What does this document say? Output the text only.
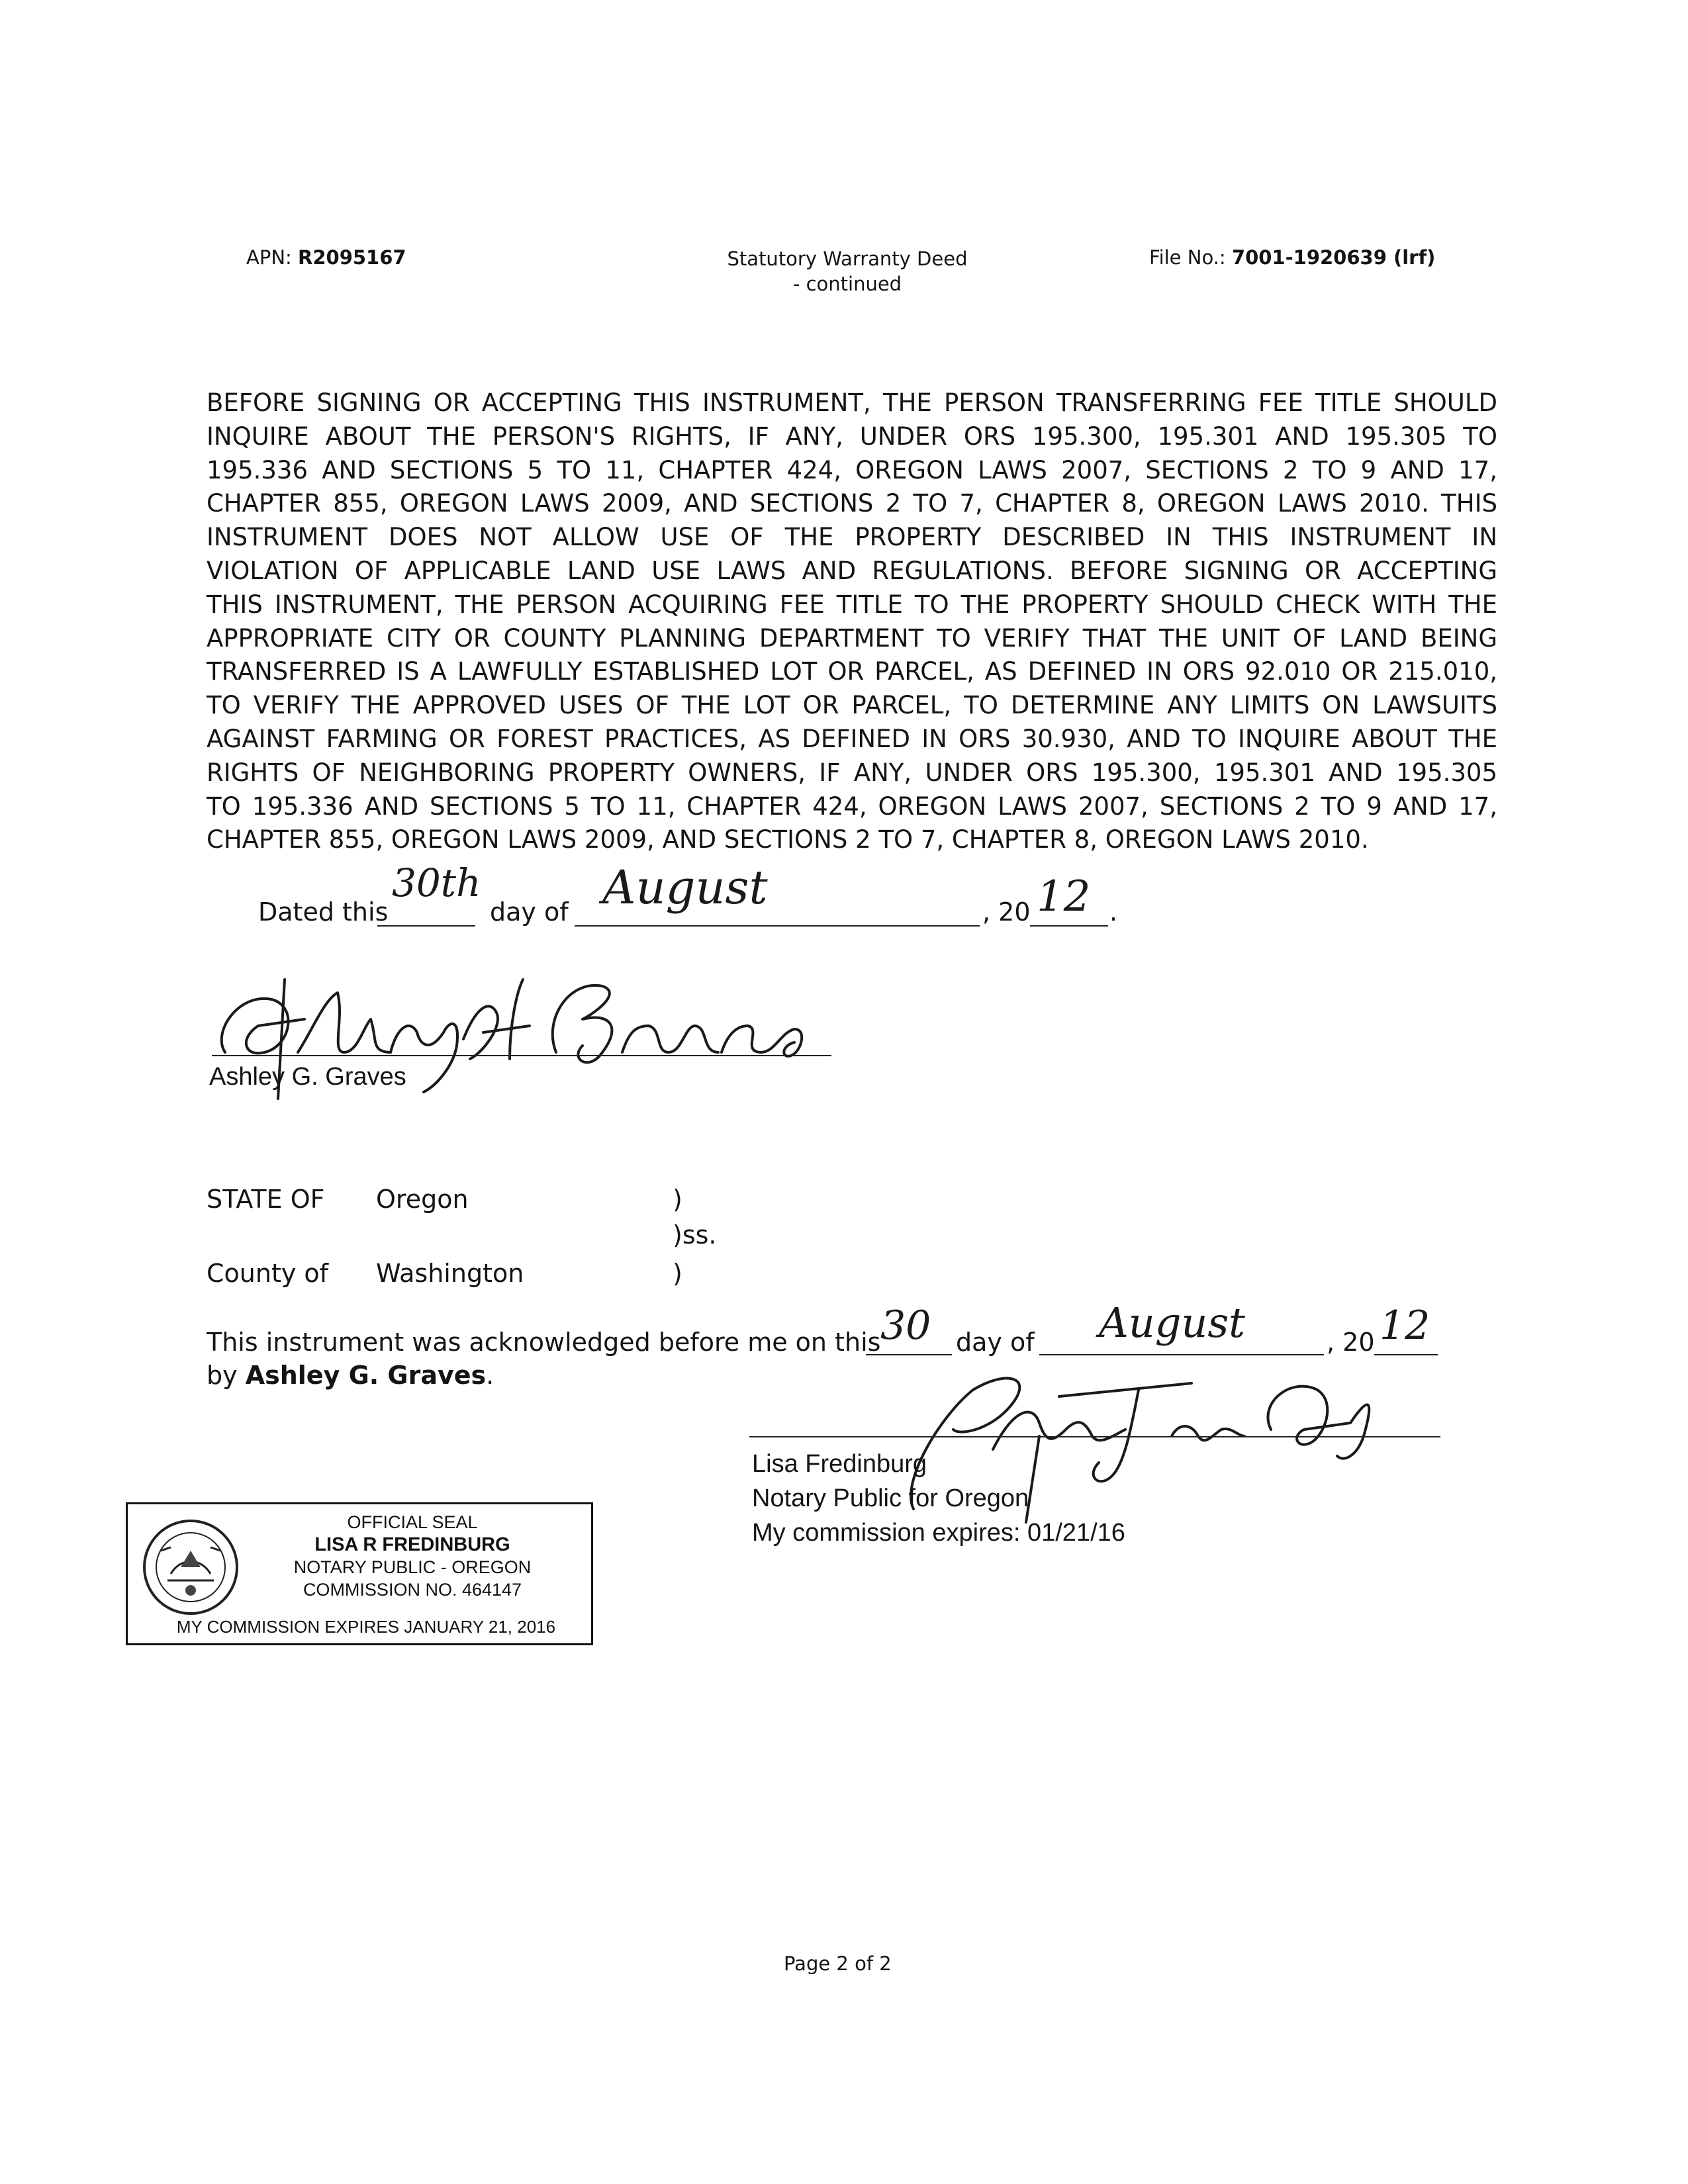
APN: R2095167	Statutory Warranty Deed
- continued
File No.: 7001-1920639 (lrf)
BEFORE SIGNING OR ACCEPTING THIS INSTRUMENT, THE PERSON TRANSFERRING FEE TITLE SHOULD
INQUIRE ABOUT THE PERSON'S RIGHTS, IF ANY, UNDER ORS 195.300, 195.301 AND 195.305 TO
195.336 AND SECTIONS 5 TO 11, CHAPTER 424, OREGON LAWS 2007, SECTIONS 2 TO 9 AND 17,
CHAPTER 855, OREGON LAWS 2009, AND SECTIONS 2 TO 7, CHAPTER 8, OREGON LAWS 2010. THIS
INSTRUMENT DOES NOT ALLOW USE OF THE PROPERTY DESCRIBED IN THIS INSTRUMENT IN
VIOLATION OF APPLICABLE LAND USE LAWS AND REGULATIONS. BEFORE SIGNING OR ACCEPTING
THIS INSTRUMENT, THE PERSON ACQUIRING FEE TITLE TO THE PROPERTY SHOULD CHECK WITH THE
APPROPRIATE CITY OR COUNTY PLANNING DEPARTMENT TO VERIFY THAT THE UNIT OF LAND BEING
TRANSFERRED IS A LAWFULLY ESTABLISHED LOT OR PARCEL, AS DEFINED IN ORS 92.010 OR 215.010,
TO VERIFY THE APPROVED USES OF THE LOT OR PARCEL, TO DETERMINE ANY LIMITS ON LAWSUITS
AGAINST FARMING OR FOREST PRACTICES, AS DEFINED IN ORS 30.930, AND TO INQUIRE ABOUT THE
RIGHTS OF NEIGHBORING PROPERTY OWNERS, IF ANY, UNDER ORS 195.300, 195.301 AND 195.305
TO 195.336 AND SECTIONS 5 TO 11, CHAPTER 424, OREGON LAWS 2007, SECTIONS 2 TO 9 AND 17,
CHAPTER 855, OREGON LAWS 2009, AND SECTIONS 2 TO 7, CHAPTER 8, OREGON LAWS 2010.
Dated this
30th
day of August	, 20 12 .
Ashley G. Graves
STATE OF Oregon	)
)ss.
County of Washington	)
This instrument was acknowledged before me on this 30 day of August	, 20 12
by Ashley G. Graves.
Lisa Fredinburg
Notary Public for Oregon
My commission expires: 01/21/16
OFFICIAL SEAL
LISA R FREDINBURG
NOTARY PUBLIC - OREGON
COMMISSION NO. 464147
MY COMMISSION EXPIRES JANUARY 21, 2016
Page 2 of 2
